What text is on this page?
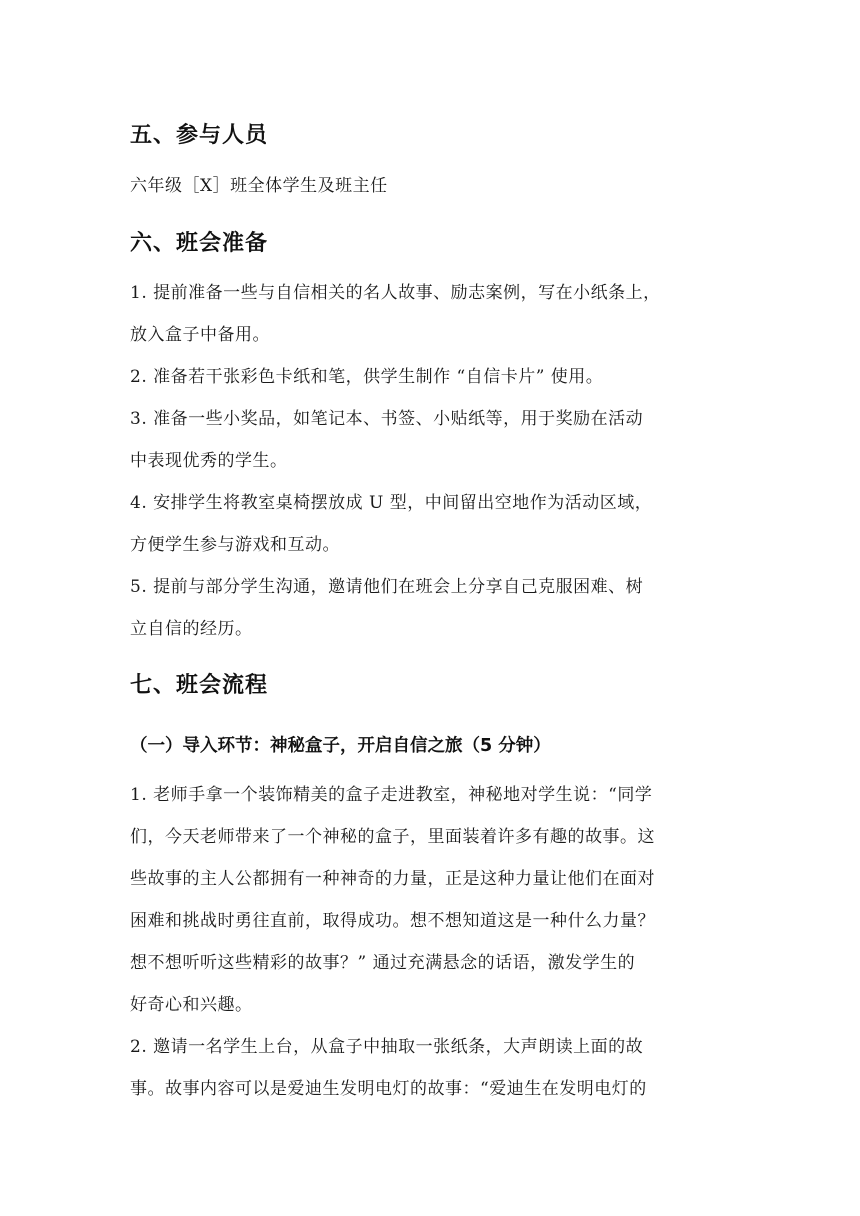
五、参与人员

六年级［X］班全体学生及班主任

六、班会准备

1. 提前准备一些与自信相关的名人故事、励志案例，写在小纸条上，
放入盒子中备用。

2. 准备若干张彩色卡纸和笔，供学生制作 “自信卡片” 使用。

3. 准备一些小奖品，如笔记本、书签、小贴纸等，用于奖励在活动
中表现优秀的学生。

4. 安排学生将教室桌椅摆放成 U 型，中间留出空地作为活动区域，
方便学生参与游戏和互动。

5. 提前与部分学生沟通，邀请他们在班会上分享自己克服困难、树
立自信的经历。

七、班会流程
（一）导入环节：神秘盒子，开启自信之旅（5 分钟）

1. 老师手拿一个装饰精美的盒子走进教室，神秘地对学生说：“同学
们，今天老师带来了一个神秘的盒子，里面装着许多有趣的故事。这
些故事的主人公都拥有一种神奇的力量，正是这种力量让他们在面对
困难和挑战时勇往直前，取得成功。想不想知道这是一种什么力量？
想不想听听这些精彩的故事？” 通过充满悬念的话语，激发学生的
好奇心和兴趣。

2. 邀请一名学生上台，从盒子中抽取一张纸条，大声朗读上面的故
事。故事内容可以是爱迪生发明电灯的故事：“爱迪生在发明电灯的
